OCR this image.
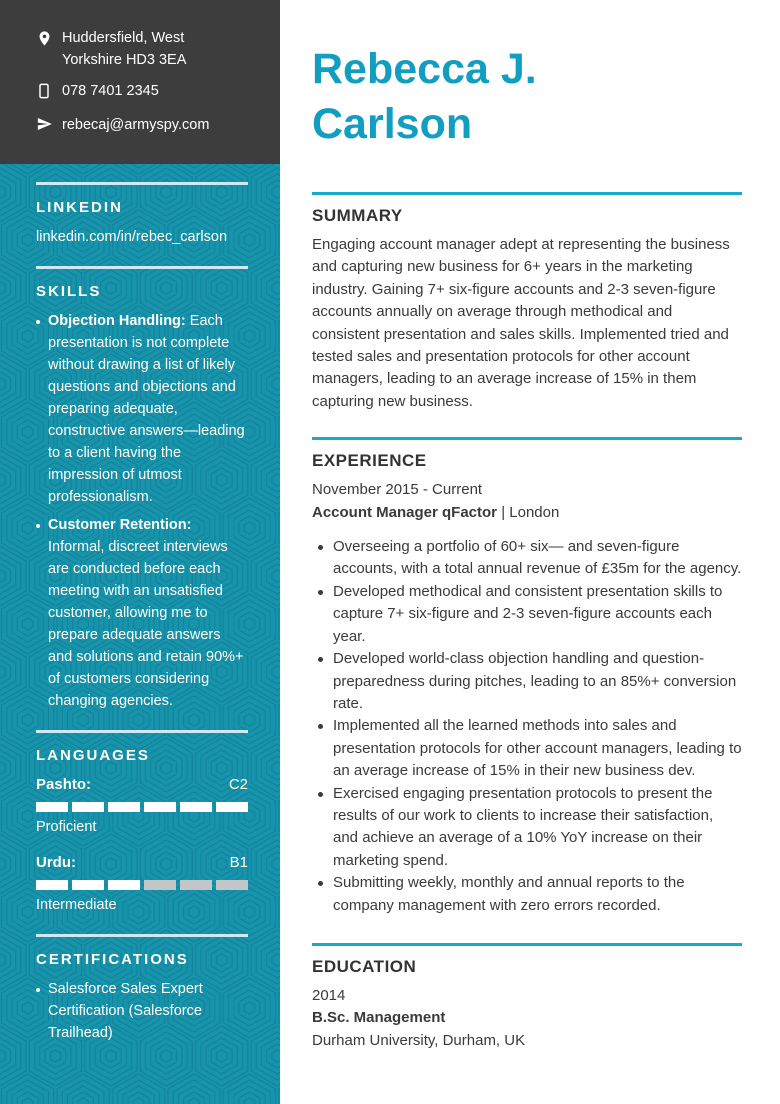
Huddersfield, West Yorkshire HD3 3EA
078 7401 2345
rebecaj@armyspy.com
LINKEDIN
linkedin.com/in/rebec_carlson
SKILLS
Objection Handling: Each presentation is not complete without drawing a list of likely questions and objections and preparing adequate, constructive answers—leading to a client having the impression of utmost professionalism.
Customer Retention: Informal, discreet interviews are conducted before each meeting with an unsatisfied customer, allowing me to prepare adequate answers and solutions and retain 90%+ of customers considering changing agencies.
LANGUAGES
Pashto:	C2
Proficient
Urdu:	B1
Intermediate
CERTIFICATIONS
Salesforce Sales Expert Certification (Salesforce Trailhead)
Rebecca J. Carlson
SUMMARY

Engaging account manager adept at representing the business and capturing new business for 6+ years in the marketing industry. Gaining 7+ six-figure accounts and 2-3 seven-figure accounts annually on average through methodical and consistent presentation and sales skills. Implemented tried and tested sales and presentation protocols for other account managers, leading to an average increase of 15% in them capturing new business.

EXPERIENCE
November 2015 - Current
Account Manager qFactor | London
Overseeing a portfolio of 60+ six— and seven-figure accounts, with a total annual revenue of £35m for the agency.
Developed methodical and consistent presentation skills to capture 7+ six-figure and 2-3 seven-figure accounts each year.
Developed world-class objection handling and question-preparedness during pitches, leading to an 85%+ conversion rate.
Implemented all the learned methods into sales and presentation protocols for other account managers, leading to an average increase of 15% in their new business dev.
Exercised engaging presentation protocols to present the results of our work to clients to increase their satisfaction, and achieve an average of a 10% YoY increase on their marketing spend.
Submitting weekly, monthly and annual reports to the company management with zero errors recorded.
EDUCATION
2014
B.Sc. Management
Durham University, Durham, UK
